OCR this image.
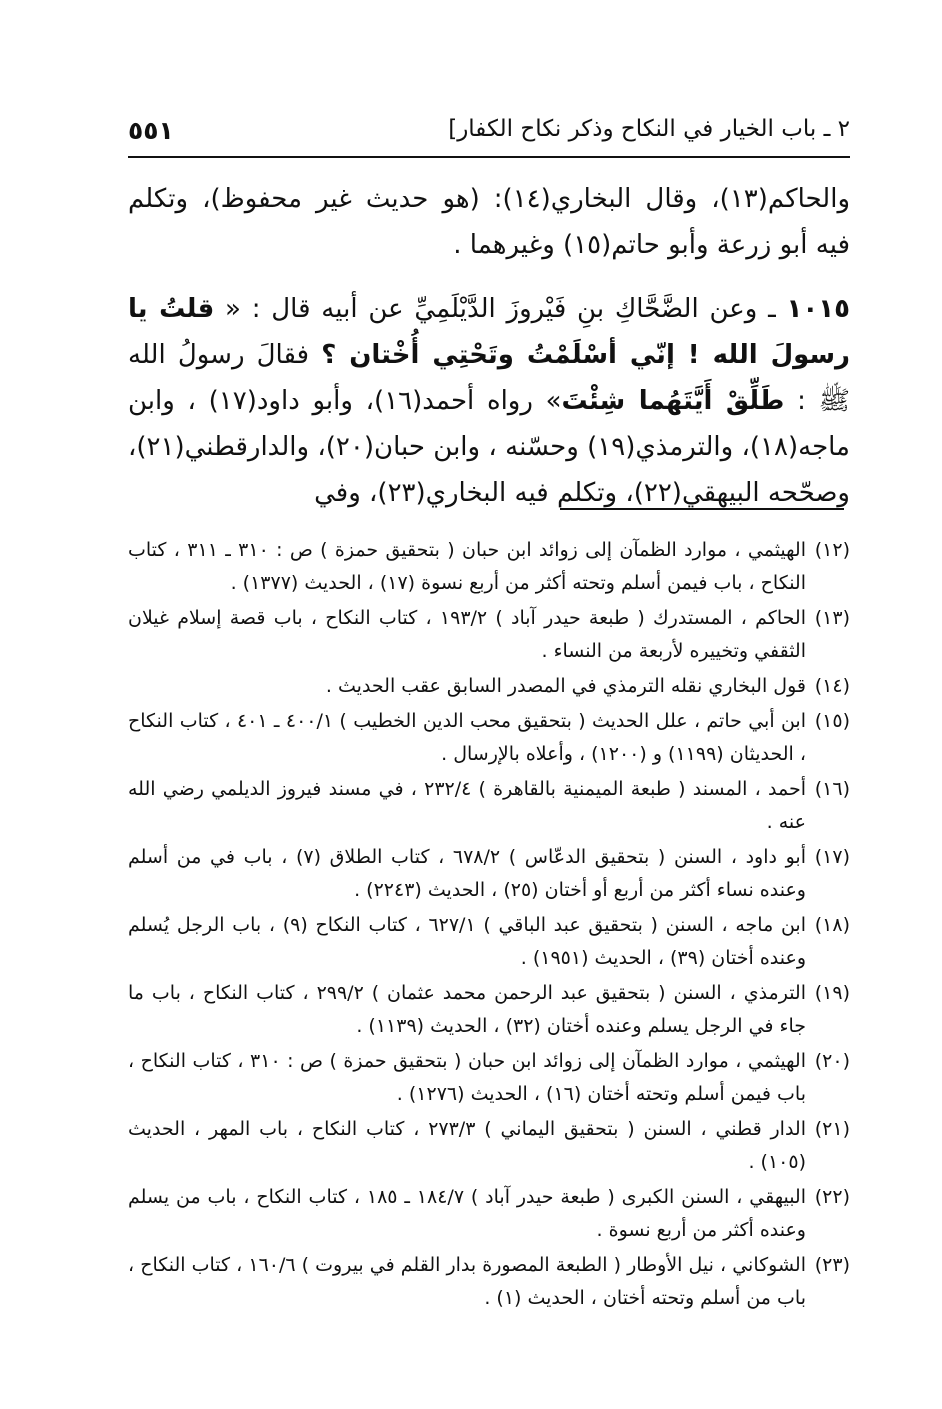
٢ ـ باب الخيار في النكاح وذكر نكاح الكفار]
٥٥١

والحاكم(١٣)، وقال البخاري(١٤): (هو حديث غير محفوظ)، وتكلم فيه أبو زرعة وأبو حاتم(١٥) وغيرهما .

١٠١٥ ـ وعن الضَّحَّاكِ بنِ فَيْروزَ الدَّيْلَمِيِّ عن أبيه قال : « قلتُ يا رسولَ الله ! إنّي أسْلَمْتُ وتَحْتِي أُخْتان ؟ فقالَ رسولُ الله ﷺ : طَلِّقْ أَيَّتَهُما شِئْتَ» رواه أحمد(١٦)، وأبو داود(١٧) ، وابن ماجه(١٨)، والترمذي(١٩) وحسّنه ، وابن حبان(٢٠)، والدارقطني(٢١)، وصحّحه البيهقي(٢٢)، وتكلم فيه البخاري(٢٣)، وفي

(١٢)الهيثمي ، موارد الظمآن إلى زوائد ابن حبان ( بتحقيق حمزة ) ص : ٣١٠ ـ ٣١١ ، كتاب النكاح ، باب فيمن أسلم وتحته أكثر من أربع نسوة (١٧) ، الحديث (١٣٧٧) .

(١٣)الحاكم ، المستدرك ( طبعة حيدر آباد ) ١٩٣/٢ ، كتاب النكاح ، باب قصة إسلام غيلان الثقفي وتخييره لأربعة من النساء .

(١٤)قول البخاري نقله الترمذي في المصدر السابق عقب الحديث .

(١٥)ابن أبي حاتم ، علل الحديث ( بتحقيق محب الدين الخطيب ) ٤٠٠/١ ـ ٤٠١ ، كتاب النكاح ، الحديثان (١١٩٩) و (١٢٠٠) ، وأعلاه بالإرسال .

(١٦)أحمد ، المسند ( طبعة الميمنية بالقاهرة ) ٢٣٢/٤ ، في مسند فيروز الديلمي رضي الله عنه .

(١٧)أبو داود ، السنن ( بتحقيق الدعّاس ) ٦٧٨/٢ ، كتاب الطلاق (٧) ، باب في من أسلم وعنده نساء أكثر من أربع أو أختان (٢٥) ، الحديث (٢٢٤٣) .

(١٨)ابن ماجه ، السنن ( بتحقيق عبد الباقي ) ٦٢٧/١ ، كتاب النكاح (٩) ، باب الرجل يُسلم وعنده أختان (٣٩) ، الحديث (١٩٥١) .

(١٩)الترمذي ، السنن ( بتحقيق عبد الرحمن محمد عثمان ) ٢٩٩/٢ ، كتاب النكاح ، باب ما جاء في الرجل يسلم وعنده أختان (٣٢) ، الحديث (١١٣٩) .

(٢٠)الهيثمي ، موارد الظمآن إلى زوائد ابن حبان ( بتحقيق حمزة ) ص : ٣١٠ ، كتاب النكاح ، باب فيمن أسلم وتحته أختان (١٦) ، الحديث (١٢٧٦) .

(٢١)الدار قطني ، السنن ( بتحقيق اليماني ) ٢٧٣/٣ ، كتاب النكاح ، باب المهر ، الحديث (١٠٥) .

(٢٢)البيهقي ، السنن الكبرى ( طبعة حيدر آباد ) ١٨٤/٧ ـ ١٨٥ ، كتاب النكاح ، باب من يسلم وعنده أكثر من أربع نسوة .

(٢٣)الشوكاني ، نيل الأوطار ( الطبعة المصورة بدار القلم في بيروت ) ١٦٠/٦ ، كتاب النكاح ، باب من أسلم وتحته أختان ، الحديث (١) .
